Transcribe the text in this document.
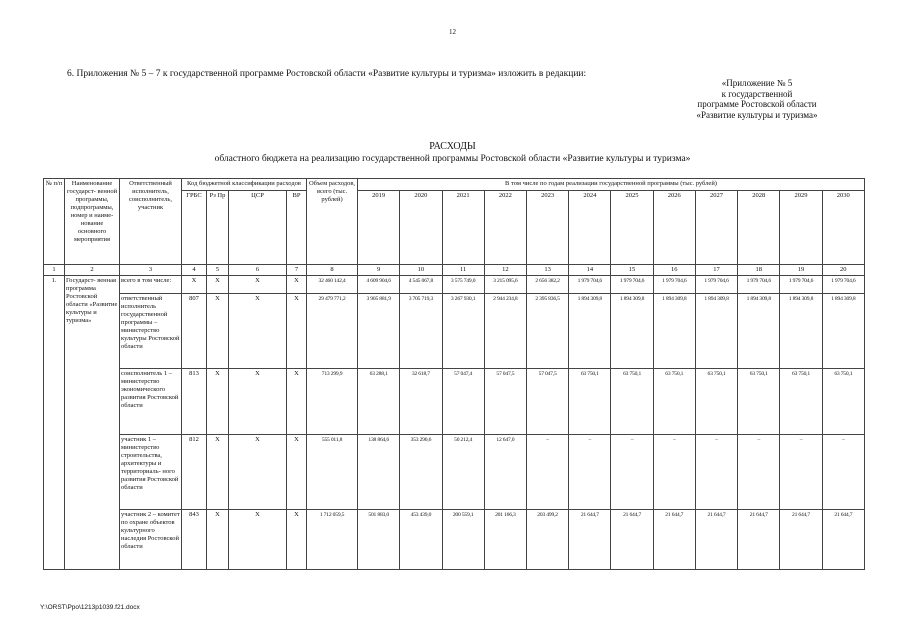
12
6. Приложения № 5 – 7 к государственной программе Ростовской области «Развитие культуры и туризма» изложить в редакции:
«Приложение № 5
к государственной
программе Ростовской области
«Развитие культуры и туризма»
РАСХОДЫ
областного бюджета на реализацию государственной программы Ростовской области «Развитие культуры и туризма»
№ п/п	Наименование государст- венной программы, подпрограммы, номер и наиме- нование основного мероприятия	Ответственный исполнитель, соисполнитель, участник	Код бюджетной классификации расходов				Объем расходов, всего (тыс. рублей)	В том числе по годам реализации государственной программы (тыс. рублей)											
			ГРБС	Рз Пр	ЦСР	ВР		2019	2020	2021	2022	2023	2024	2025	2026	2027	2028	2029	2030
1	2	3	4	5	6	7	8	9	10	11	12	13	14	15	16	17	18	19	20
1.	Государст- венная программа Ростовской области «Развитие культуры и туризма»	всего в том числе:	Х	Х	Х	Х	32 460 142,4	4 609 904,6	4 545 067,8	3 575 749,0	3 215 095,6	2 656 382,2	1 979 704,6	1 979 704,6	1 979 704,6	1 979 704,6	1 979 704,6	1 979 704,6	1 979 704,6
		ответственный исполнитель государственной программы – министерство культуры Ростовской области	807	Х	Х	Х	29 479 771,2	3 905 881,9	3 705 719,3	3 267 930,1	2 944 234,8	2 395 836,5	1 894 309,8	1 894 309,8	1 894 309,8	1 894 309,8	1 894 309,8	1 894 309,8	1 894 309,8
		соисполнитель 1 – министерство экономического развития Ростовской области	813	Х	Х	Х	713 299,9	63 288,1	32 618,7	57 047,4	57 047,5	57 047,5	63 750,1	63 750,1	63 750,1	63 750,1	63 750,1	63 750,1	63 750,1
		участник 1 – министерство строительства, архитектуры и территориаль- ного развития Ростовской области	812	Х	Х	Х	555 011,8	138 864,6	353 290,6	50 212,4	12 647,0	–	–	–	–	–	–	–	–
		участник 2 – комитет по охране объектов культурного наследия Ростовской области	843	Х	Х	Х	1 712 059,5	501 883,0	453 439,0	200 559,1	201 166,3	203 499,2	21 644,7	21 644,7	21 644,7	21 644,7	21 644,7	21 644,7	21 644,7
Y:\ORST\Ppo\1213p1039.f21.docx
